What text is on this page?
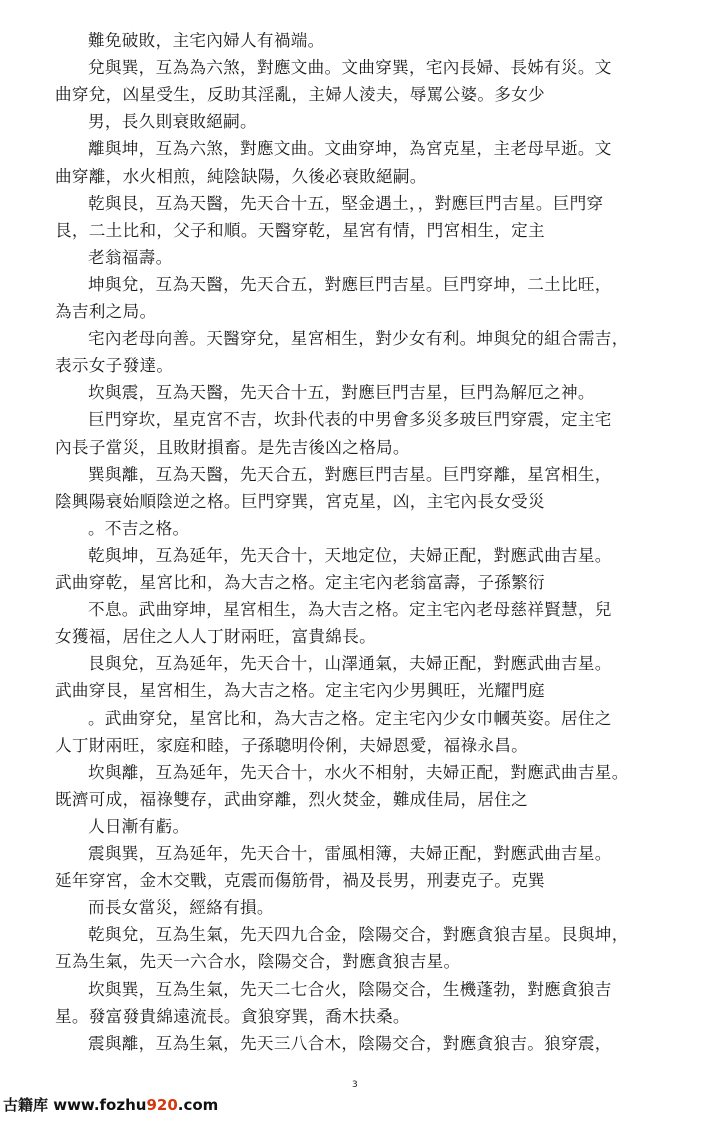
難免破敗，主宅內婦人有禍端。
兌與巽，互為為六煞，對應文曲。文曲穿巽，宅內長婦、長姊有災。文
曲穿兌，凶星受生，反助其淫亂，主婦人淩夫，辱罵公婆。多女少
男，長久則衰敗絕嗣。
離與坤，互為六煞，對應文曲。文曲穿坤，為宮克星，主老母早逝。文
曲穿離，水火相煎，純陰缺陽，久後必衰敗絕嗣。
乾與艮，互為天醫，先天合十五，堅金遇土，，對應巨門吉星。巨門穿
艮，二土比和，父子和順。天醫穿乾，星宮有情，門宮相生，定主
老翁福壽。
坤與兌，互為天醫，先天合五，對應巨門吉星。巨門穿坤，二土比旺，
為吉利之局。
宅內老母向善。天醫穿兌，星宮相生，對少女有利。坤與兌的組合需吉，
表示女子發達。
坎與震，互為天醫，先天合十五，對應巨門吉星，巨門為解厄之神。
巨門穿坎，星克宮不吉，坎卦代表的中男會多災多玻巨門穿震，定主宅
內長子當災，且敗財損畜。是先吉後凶之格局。
巽與離，互為天醫，先天合五，對應巨門吉星。巨門穿離，星宮相生，
陰興陽衰始順陰逆之格。巨門穿巽，宮克星，凶，主宅內長女受災
。不吉之格。
乾與坤，互為延年，先天合十，天地定位，夫婦正配，對應武曲吉星。
武曲穿乾，星宮比和，為大吉之格。定主宅內老翁富壽，子孫繁衍
不息。武曲穿坤，星宮相生，為大吉之格。定主宅內老母慈祥賢慧，兒
女獲福，居住之人人丁財兩旺，富貴綿長。
艮與兌，互為延年，先天合十，山澤通氣，夫婦正配，對應武曲吉星。
武曲穿艮，星宮相生，為大吉之格。定主宅內少男興旺，光耀門庭
。武曲穿兌，星宮比和，為大吉之格。定主宅內少女巾幗英姿。居住之
人丁財兩旺，家庭和睦，子孫聰明伶俐，夫婦恩愛，福祿永昌。
坎與離，互為延年，先天合十，水火不相射，夫婦正配，對應武曲吉星。
既濟可成，福祿雙存，武曲穿離，烈火焚金，難成佳局，居住之
人日漸有虧。
震與巽，互為延年，先天合十，雷風相簿，夫婦正配，對應武曲吉星。
延年穿宮，金木交戰，克震而傷筋骨，禍及長男，刑妻克子。克巽
而長女當災，經絡有損。
乾與兌，互為生氣，先天四九合金，陰陽交合，對應貪狼吉星。艮與坤，
互為生氣，先天一六合水，陰陽交合，對應貪狼吉星。
坎與巽，互為生氣，先天二七合火，陰陽交合，生機蓬勃，對應貪狼吉
星。發富發貴綿遠流長。貪狼穿巽，喬木扶桑。
震與離，互為生氣，先天三八合木，陰陽交合，對應貪狼吉。狼穿震，
3
古籍库 www.fozhu920.com
